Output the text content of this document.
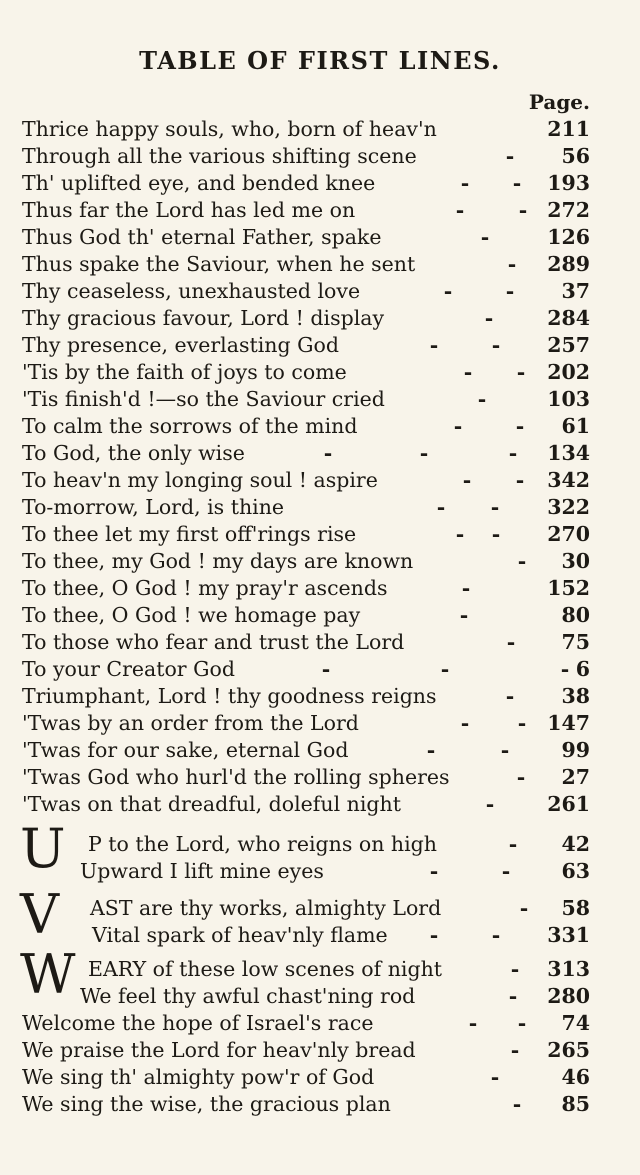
TABLE OF FIRST LINES.
Page.
Thrice happy souls, who, born of heav'n	211
Through all the various shifting scene	- 56
Th' uplifted eye, and bended knee	- - 193
Thus far the Lord has led me on	-	- 272
Thus God th' eternal Father, spake	-	126
Thus spake the Saviour, when he sent	- 289
Thy ceaseless, unexhausted love	-	- 37
Thy gracious favour, Lord ! display	-	284
Thy presence, everlasting God	-	- 257
'Tis by the faith of joys to come	- - 202
'Tis finish'd !—so the Saviour cried	-	103
To calm the sorrows of the mind	-	- 61
To God, the only wise	-	-	- 134
To heav'n my longing soul ! aspire	- - 342
To-morrow, Lord, is thine	- - 322
To thee let my first off'rings rise	- - 270
To thee, my God ! my days are known	- 30
To thee, O God ! my pray'r ascends	-	152
To thee, O God ! we homage pay	-	80
To those who fear and trust the Lord	- 75
To your Creator God	-	-	- 6
Triumphant, Lord ! thy goodness reigns	- 38
'Twas by an order from the Lord	- - 147
'Twas for our sake, eternal God	-	-	99
'Twas God who hurl'd the rolling spheres	- 27
'Twas on that dreadful, doleful night	-	261
U P to the Lord, who reigns on high	- 42
Upward I lift mine eyes	-	- 63
V AST are thy works, almighty Lord	- 58
Vital spark of heav'nly flame -	- 331
W EARY of these low scenes of night	- 313
We feel thy awful chast'ning rod	- 280
Welcome the hope of Israel's race	- - 74
We praise the Lord for heav'nly bread	- 265
We sing th' almighty pow'r of God	-	46
We sing the wise, the gracious plan	- 85
